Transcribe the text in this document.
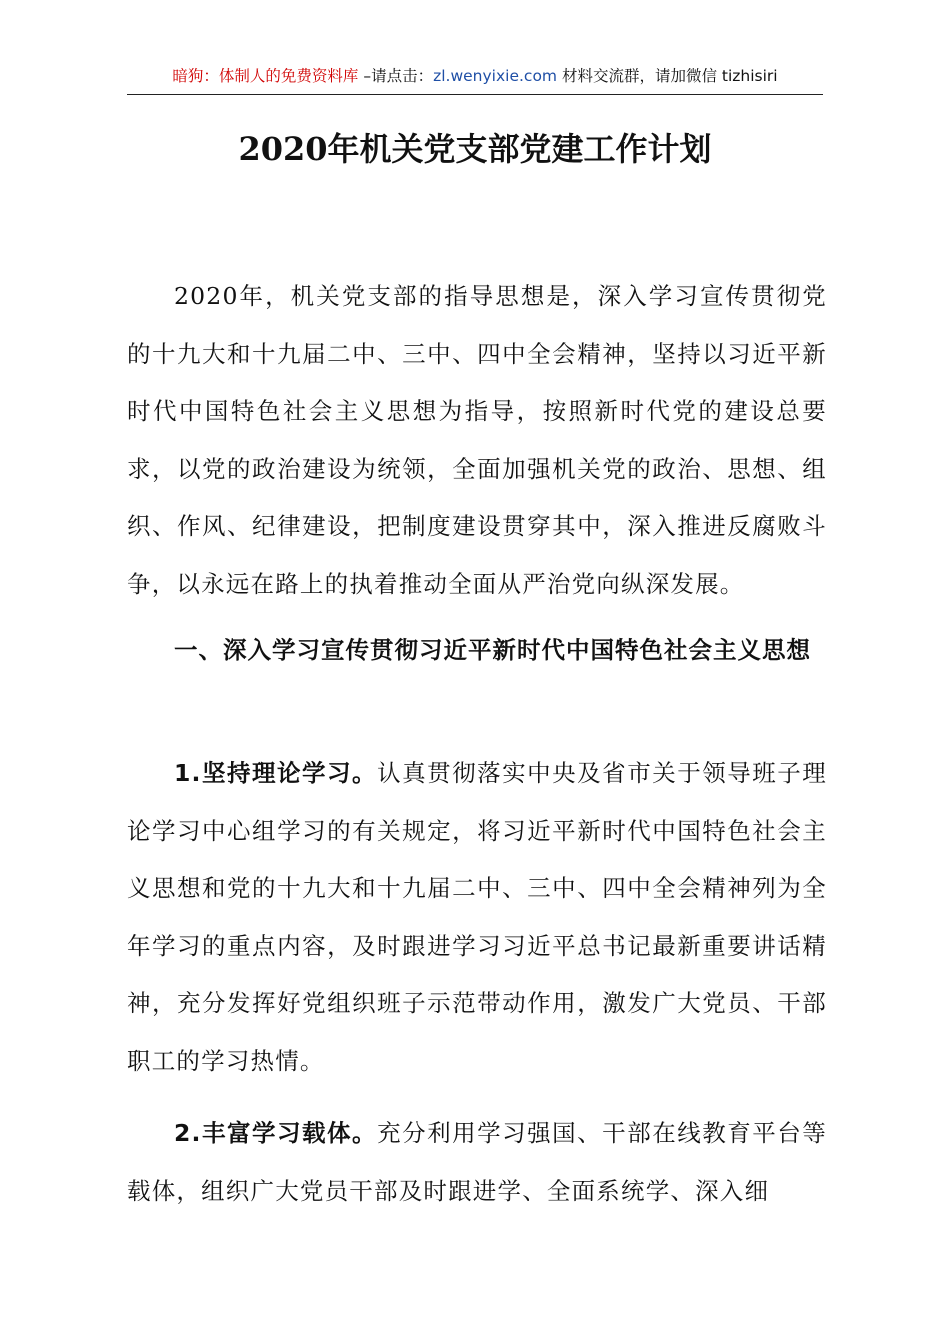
暗狗：体制人的免费资料库 –请点击：zl.wenyixie.com 材料交流群，请加微信 tizhisiri
2020年机关党支部党建工作计划
2020年，机关党支部的指导思想是，深入学习宣传贯彻党的十九大和十九届二中、三中、四中全会精神，坚持以习近平新时代中国特色社会主义思想为指导，按照新时代党的建设总要求，以党的政治建设为统领，全面加强机关党的政治、思想、组织、作风、纪律建设，把制度建设贯穿其中，深入推进反腐败斗争，以永远在路上的执着推动全面从严治党向纵深发展。
一、深入学习宣传贯彻习近平新时代中国特色社会主义思想
1.坚持理论学习。认真贯彻落实中央及省市关于领导班子理论学习中心组学习的有关规定，将习近平新时代中国特色社会主义思想和党的十九大和十九届二中、三中、四中全会精神列为全年学习的重点内容，及时跟进学习习近平总书记最新重要讲话精神，充分发挥好党组织班子示范带动作用，激发广大党员、干部职工的学习热情。
2.丰富学习载体。充分利用学习强国、干部在线教育平台等载体，组织广大党员干部及时跟进学、全面系统学、深入细
